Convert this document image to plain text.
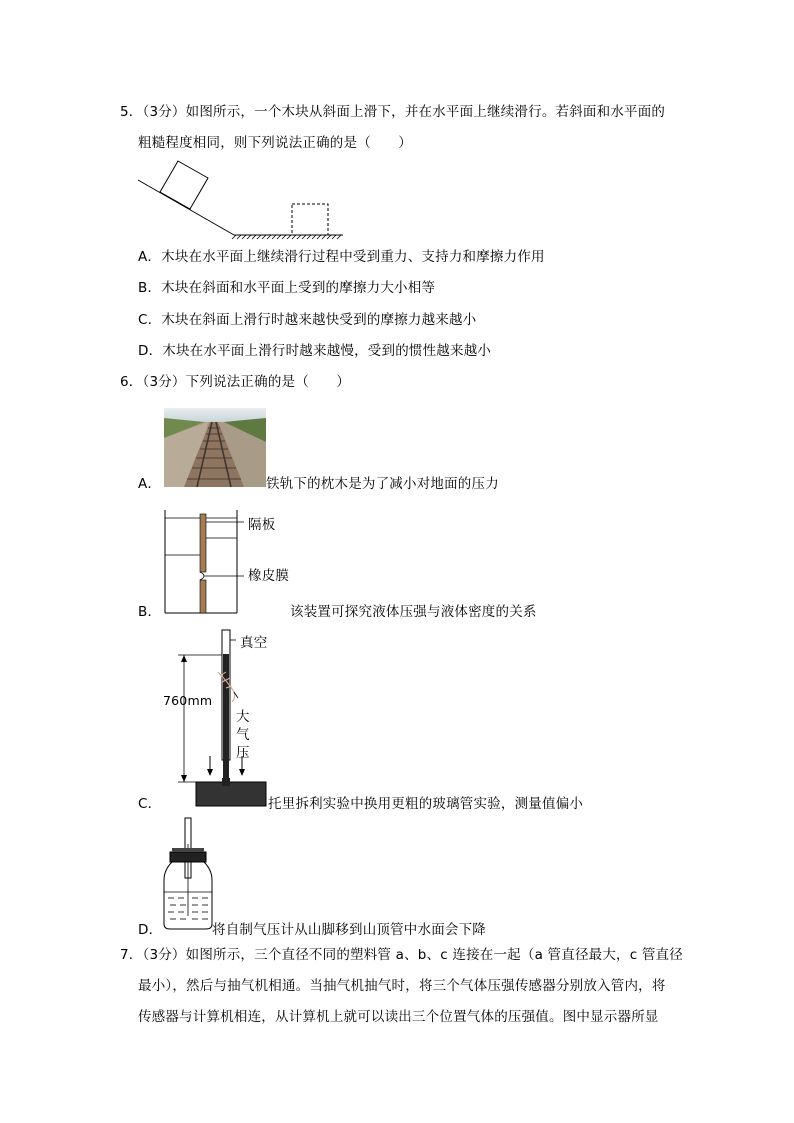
5．（3分）如图所示，一个木块从斜面上滑下，并在水平面上继续滑行。若斜面和水平面的
粗糙程度相同，则下列说法正确的是（　　）
A．木块在水平面上继续滑行过程中受到重力、支持力和摩擦力作用
B．木块在斜面和水平面上受到的摩擦力大小相等
C．木块在斜面上滑行时越来越快受到的摩擦力越来越小
D．木块在水平面上滑行时越来越慢，受到的惯性越来越小
6．（3分）下列说法正确的是（　　）
A．	铁轨下的枕木是为了减小对地面的压力
隔板
橡皮膜
B．	该装置可探究液体压强与液体密度的关系
真空
760mm
大
气
压
C．	托里拆利实验中换用更粗的玻璃管实验，测量值偏小
D．	将自制气压计从山脚移到山顶管中水面会下降
7．（3分）如图所示，三个直径不同的塑料管 a、b、c 连接在一起（a 管直径最大，c 管直径
最小），然后与抽气机相通。当抽气机抽气时，将三个气体压强传感器分别放入管内，将
传感器与计算机相连，从计算机上就可以读出三个位置气体的压强值。图中显示器所显
